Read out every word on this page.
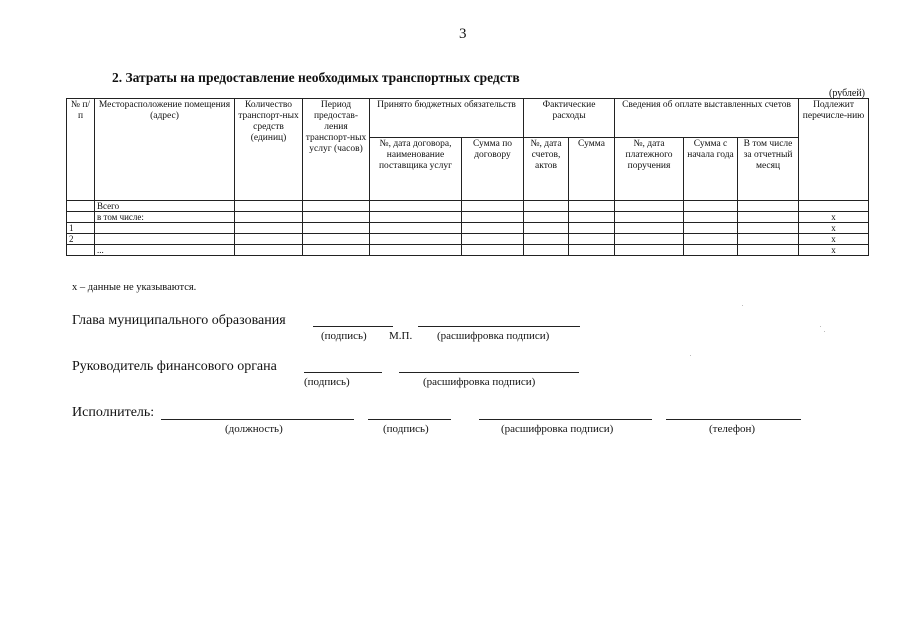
3
2. Затраты на предоставление необходимых транспортных средств
(рублей)
№ п/п	Месторасположение помещения (адрес)	Количество транспорт-ных средств (единиц)	Период предостав-ления транспорт-ных услуг (часов)	Принято бюджетных обязательств		Фактические расходы		Сведения об оплате выставленных счетов			Подлежит перечисле-нию
				№, дата договора, наименование поставщика услуг	Сумма по договору	№, дата счетов, актов	Сумма	№, дата платежного поручения	Сумма с начала года	В том числе за отчетный месяц	
	Всего										
	в том числе:										х
1											х
2											х
	...										х
х – данные не указываются.
Глава муниципального образования
(подпись) М.П. (расшифровка подписи)
Руководитель финансового органа
(подпись)	(расшифровка подписи)
Исполнитель:
(должность)	(подпись)	(расшифровка подписи)	(телефон)
